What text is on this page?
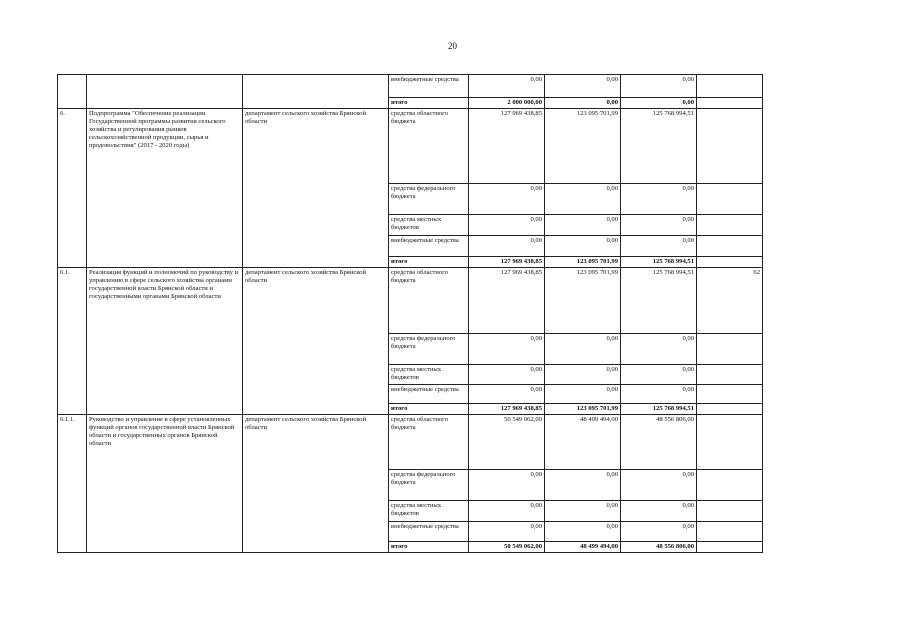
20
			внебюджетные средства	0,00	0,00	0,00	
			итого	2 000 000,00	0,00	0,00	
6.	Подпрограмма "Обеспечение реализации Государственной программы развития сельского хозяйства и регулирования рынков сельскохозяйственной продукции, сырья и продовольствия" (2017 - 2020 годы)	департамент сельского хозяйства Брянской области	средства областного бюджета	127 969 438,85	123 095 701,99	125 768 994,51	
			средства федерального бюджета	0,00	0,00	0,00	
			средства местных бюджетов	0,00	0,00	0,00	
			внебюджетные средства	0,00	0,00	0,00	
			итого	127 969 438,85	123 095 701,99	125 768 994,51	
6.1.	Реализация функций и полномочий по руководству и управлению в сфере сельского хозяйства органами государственной власти Брянской области и государственными органами Брянской области	департамент сельского хозяйства Брянской области	средства областного бюджета	127 969 438,85	123 095 701,99	125 768 994,51	62
			средства федерального бюджета	0,00	0,00	0,00	
			средства местных бюджетов	0,00	0,00	0,00	
			внебюджетные средства	0,00	0,00	0,00	
			итого	127 969 438,85	123 095 701,99	125 768 994,51	
6.1.1.	Руководство и управление в сфере установленных функций органов государственной власти Брянской области и государственных органов Брянской области	департамент сельского хозяйства Брянской области	средства областного бюджета	50 549 062,00	48 499 494,00	48 556 806,00	
			средства федерального бюджета	0,00	0,00	0,00	
			средства местных бюджетов	0,00	0,00	0,00	
			внебюджетные средства	0,00	0,00	0,00	
			итого	50 549 062,00	48 499 494,00	48 556 806,00	
